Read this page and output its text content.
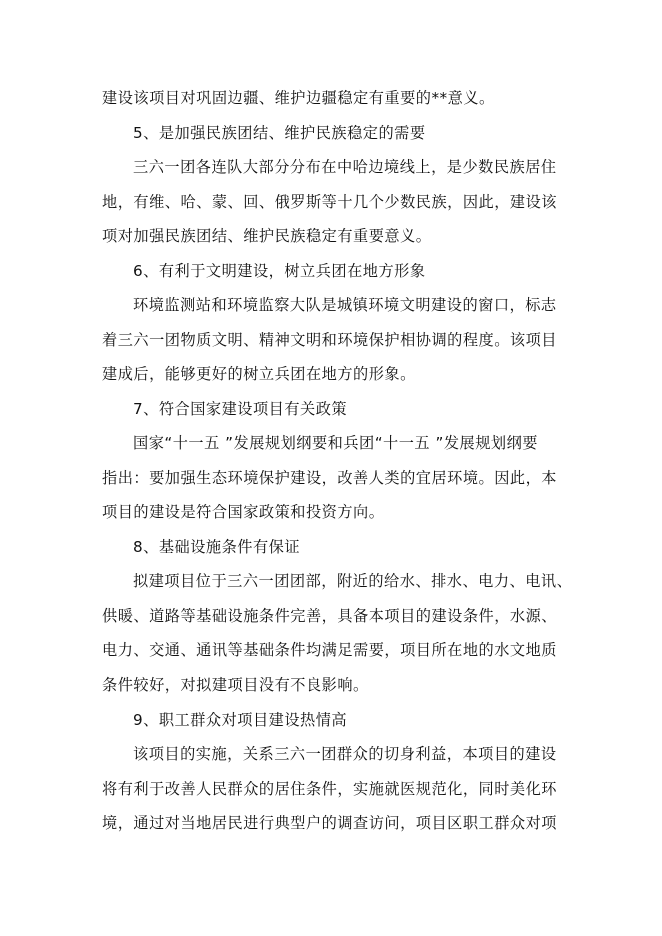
建设该项目对巩固边疆、维护边疆稳定有重要的**意义。
5、是加强民族团结、维护民族稳定的需要
三六一团各连队大部分分布在中哈边境线上，是少数民族居住
地，有维、哈、蒙、回、俄罗斯等十几个少数民族，因此，建设该
项对加强民族团结、维护民族稳定有重要意义。
6、有利于文明建设，树立兵团在地方形象
环境监测站和环境监察大队是城镇环境文明建设的窗口，标志
着三六一团物质文明、精神文明和环境保护相协调的程度。该项目
建成后，能够更好的树立兵团在地方的形象。
7、符合国家建设项目有关政策
国家“十一五 ”发展规划纲要和兵团“十一五 ”发展规划纲要
指出：要加强生态环境保护建设，改善人类的宜居环境。因此，本
项目的建设是符合国家政策和投资方向。
8、基础设施条件有保证
拟建项目位于三六一团团部，附近的给水、排水、电力、电讯、
供暖、道路等基础设施条件完善，具备本项目的建设条件，水源、
电力、交通、通讯等基础条件均满足需要，项目所在地的水文地质
条件较好，对拟建项目没有不良影响。
9、职工群众对项目建设热情高
该项目的实施，关系三六一团群众的切身利益，本项目的建设
将有利于改善人民群众的居住条件，实施就医规范化，同时美化环
境，通过对当地居民进行典型户的调查访问，项目区职工群众对项
